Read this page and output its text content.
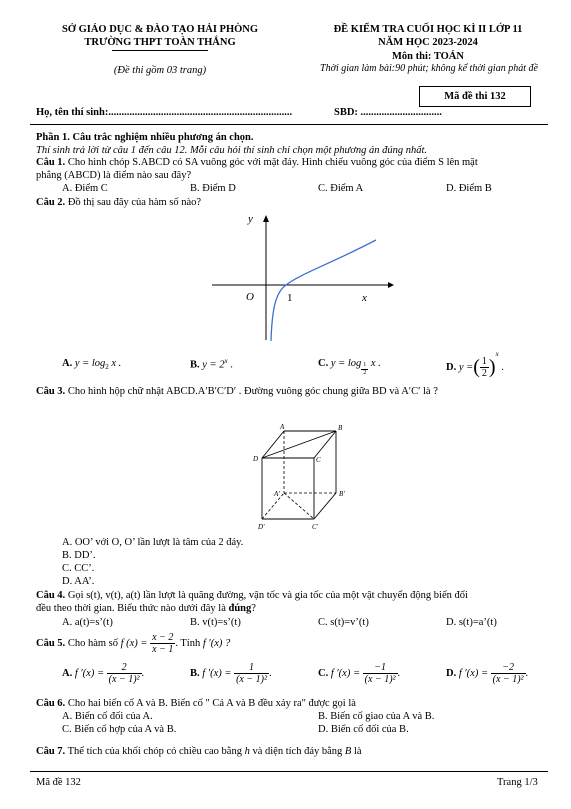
SỞ GIÁO DỤC & ĐÀO TẠO HẢI PHÒNG
TRƯỜNG THPT TOÀN THẮNG
(Đề thi gồm 03 trang)
ĐỀ KIỂM TRA CUỐI HỌC KÌ II LỚP 11
NĂM HỌC 2023-2024
Môn thi: TOÁN
Thời gian làm bài:90 phút; không kể thời gian phát đề
Mã đề thi 132
Họ, tên thí sinh:......................................................................	SBD: ...............................
Phần 1. Câu trắc nghiệm nhiều phương án chọn.
Thí sinh trả lời từ câu 1 đến câu 12. Mỗi câu hỏi thí sinh chỉ chọn một phương án đúng nhất.
Câu 1. Cho hình chóp S.ABCD có SA vuông góc với mặt đáy. Hình chiếu vuông góc của điểm S lên mặt
phẳng (ABCD) là điểm nào sau đây?
A. Điểm C	B. Điểm D	C. Điểm A	D. Điểm B
Câu 2. Đồ thị sau đây của hàm số nào?
y
x
O	1
A. $y = \log_2 x$ .	B. $y = 2^x$ .	C. $y = \log \frac{1}{2}$ x .	D. y =( $\frac{1}{2} )^x$ .
Câu 3. Cho hình hộp chữ nhật ABCD.A′B′C′D′ . Đường vuông góc chung giữa BD và A′C′ là ?
A	B
C
D
A'	B'
C'
D'
A. OO’ với O, O’ lần lượt là tâm của 2 đáy.
B. DD’.
C. CC’.
D. AA’.
Câu 4. Gọi s(t), v(t), a(t) lần lượt là quãng đường, vận tốc và gia tốc của một vật chuyển động biến đổi
đều theo thời gian. Biểu thức nào dưới đây là đúng?
A. a(t)=s’(t)	B. v(t)=s’(t)	C. s(t)=v’(t)	D. s(t)=a’(t)
Câu 5. Cho hàm số f $(x) = \frac{x - 2}{x - 1}$ . Tính f ′(x) ?
A. f $'(x) = \frac{2}{\text{(x − 1)²}}$ .	B. f $'(x) = \frac{1}{\text{(x − 1)²}}$ .	C. f $'(x) = \frac{-1}{\text{(x − 1)²}}$ .	D. f $'(x) = \frac{-2}{\text{(x − 1)²}}$ .
Câu 6. Cho hai biến cố A và B. Biến cố " Cả A và B đều xảy ra" được gọi là
A. Biến cố đối của A.	B. Biến cố giao của A và B.
C. Biến cố hợp của A và B.	D. Biến cố đối của B.
Câu 7. Thể tích của khối chóp có chiều cao bằng h và diện tích đáy bằng B là
Mã đề 132	Trang 1/3
